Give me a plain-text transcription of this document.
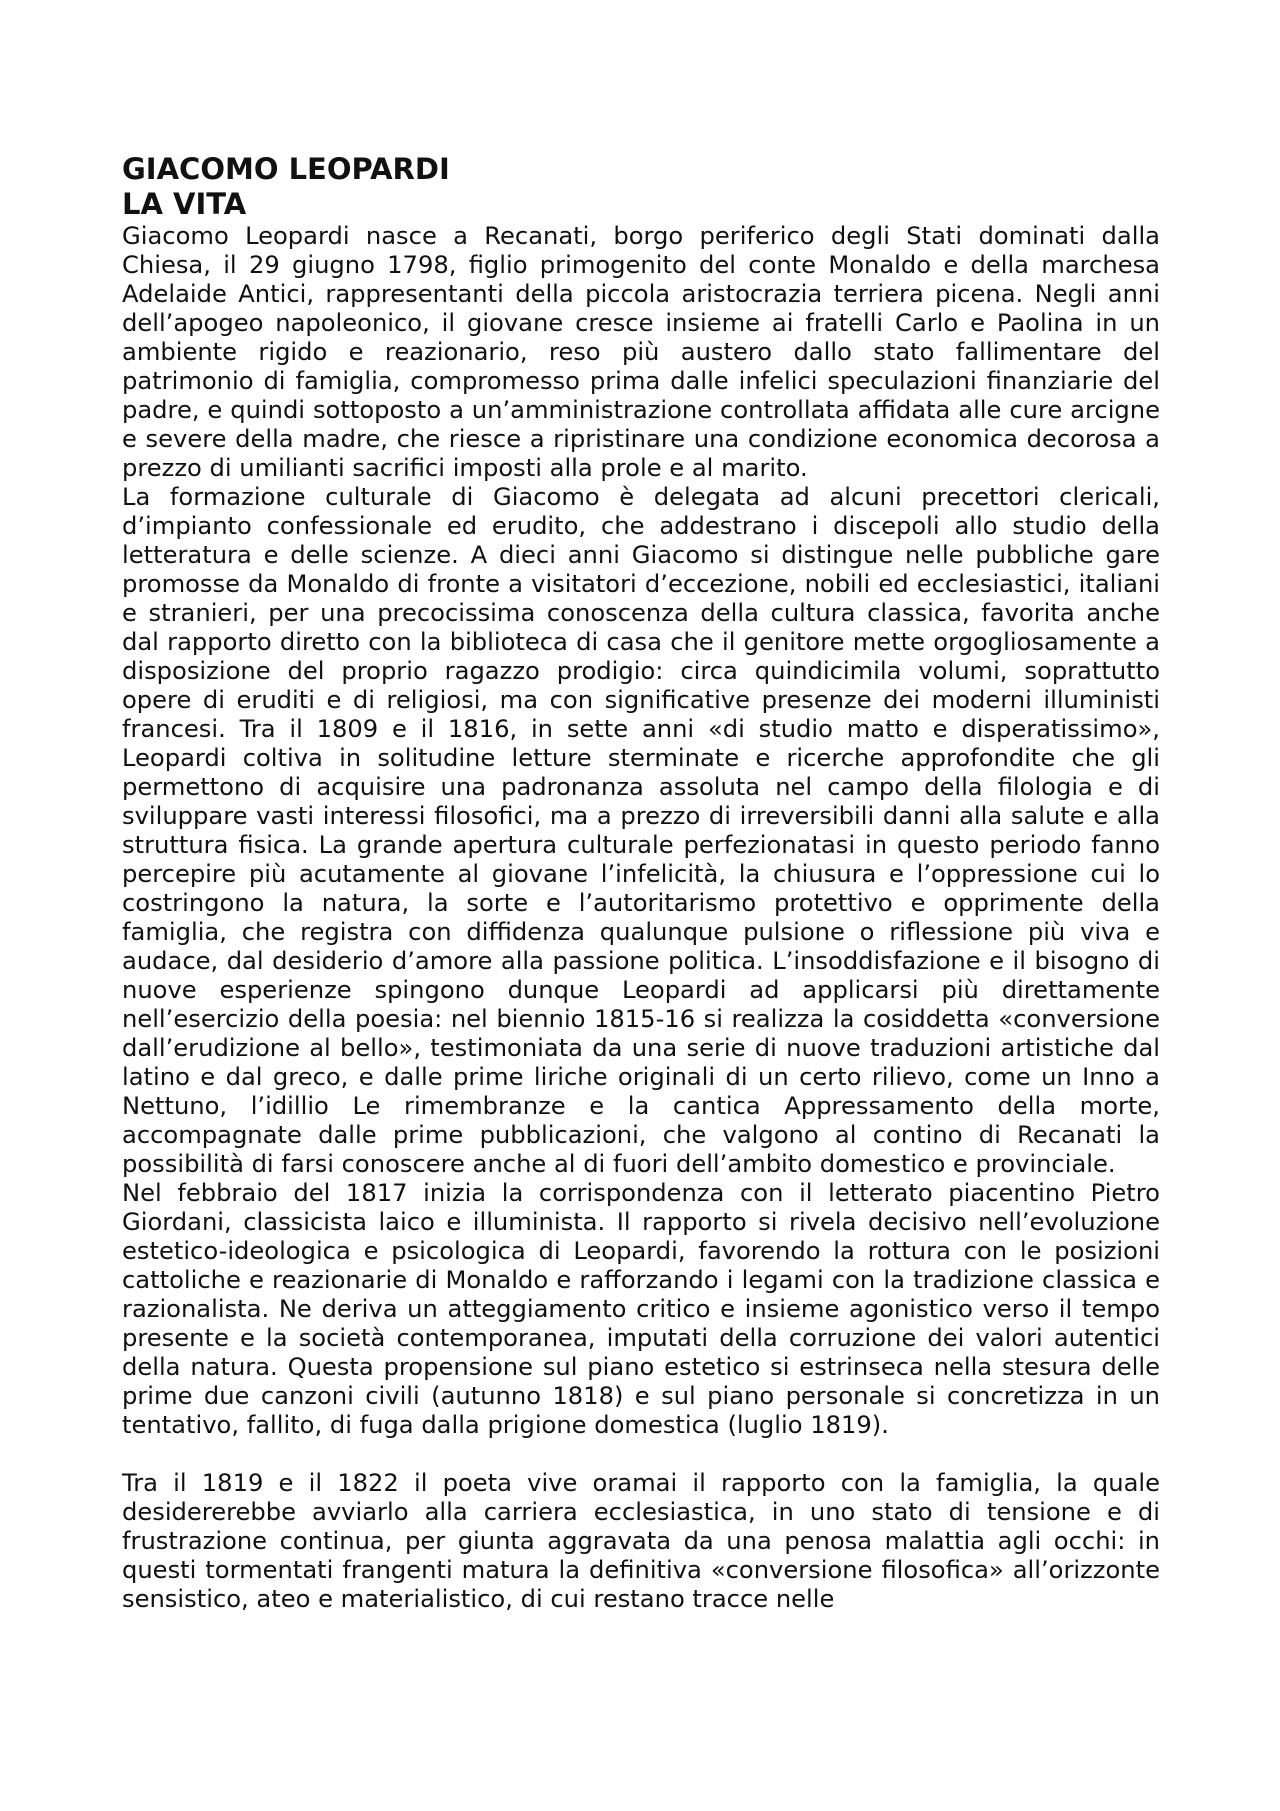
GIACOMO LEOPARDI
LA VITA

Giacomo Leopardi nasce a Recanati, borgo periferico degli Stati dominati dalla Chiesa, il 29 giugno 1798, figlio primogenito del conte Monaldo e della marchesa Adelaide Antici, rappresentanti della piccola aristocrazia terriera picena. Negli anni dell’apogeo napoleonico, il giovane cresce insieme ai fratelli Carlo e Paolina in un ambiente rigido e reazionario, reso più austero dallo stato fallimentare del patrimonio di famiglia, compromesso prima dalle infelici speculazioni finanziarie del padre, e quindi sottoposto a un’amministrazione controllata affidata alle cure arcigne e severe della madre, che riesce a ripristinare una condizione economica decorosa a prezzo di umilianti sacrifici imposti alla prole e al marito.

La formazione culturale di Giacomo è delegata ad alcuni precettori clericali, d’impianto confessionale ed erudito, che addestrano i discepoli allo studio della letteratura e delle scienze. A dieci anni Giacomo si distingue nelle pubbliche gare promosse da Monaldo di fronte a visitatori d’eccezione, nobili ed ecclesiastici, italiani e stranieri, per una precocissima conoscenza della cultura classica, favorita anche dal rapporto diretto con la biblioteca di casa che il genitore mette orgogliosamente a disposizione del proprio ragazzo prodigio: circa quindicimila volumi, soprattutto opere di eruditi e di religiosi, ma con significative presenze dei moderni illuministi francesi. Tra il 1809 e il 1816, in sette anni «di studio matto e disperatissimo», Leopardi coltiva in solitudine letture sterminate e ricerche approfondite che gli permettono di acquisire una padronanza assoluta nel campo della filologia e di sviluppare vasti interessi filosofici, ma a prezzo di irreversibili danni alla salute e alla struttura fisica. La grande apertura culturale perfezionatasi in questo periodo fanno percepire più acutamente al giovane l’infelicità, la chiusura e l’oppressione cui lo costringono la natura, la sorte e l’autoritarismo protettivo e opprimente della famiglia, che registra con diffidenza qualunque pulsione o riflessione più viva e audace, dal desiderio d’amore alla passione politica. L’insoddisfazione e il bisogno di nuove esperienze spingono dunque Leopardi ad applicarsi più direttamente nell’esercizio della poesia: nel biennio 1815-16 si realizza la cosiddetta «conversione dall’erudizione al bello», testimoniata da una serie di nuove traduzioni artistiche dal latino e dal greco, e dalle prime liriche originali di un certo rilievo, come un Inno a Nettuno, l’idillio Le rimembranze e la cantica Appressamento della morte, accompagnate dalle prime pubblicazioni, che valgono al contino di Recanati la possibilità di farsi conoscere anche al di fuori dell’ambito domestico e provinciale.

Nel febbraio del 1817 inizia la corrispondenza con il letterato piacentino Pietro Giordani, classicista laico e illuminista. Il rapporto si rivela decisivo nell’evoluzione estetico-ideologica e psicologica di Leopardi, favorendo la rottura con le posizioni cattoliche e reazionarie di Monaldo e rafforzando i legami con la tradizione classica e razionalista. Ne deriva un atteggiamento critico e insieme agonistico verso il tempo presente e la società contemporanea, imputati della corruzione dei valori autentici della natura. Questa propensione sul piano estetico si estrinseca nella stesura delle prime due canzoni civili (autunno 1818) e sul piano personale si concretizza in un tentativo, fallito, di fuga dalla prigione domestica (luglio 1819).

Tra il 1819 e il 1822 il poeta vive oramai il rapporto con la famiglia, la quale desidererebbe avviarlo alla carriera ecclesiastica, in uno stato di tensione e di frustrazione continua, per giunta aggravata da una penosa malattia agli occhi: in questi tormentati frangenti matura la definitiva «conversione filosofica» all’orizzonte sensistico, ateo e materialistico, di cui restano tracce nelle
